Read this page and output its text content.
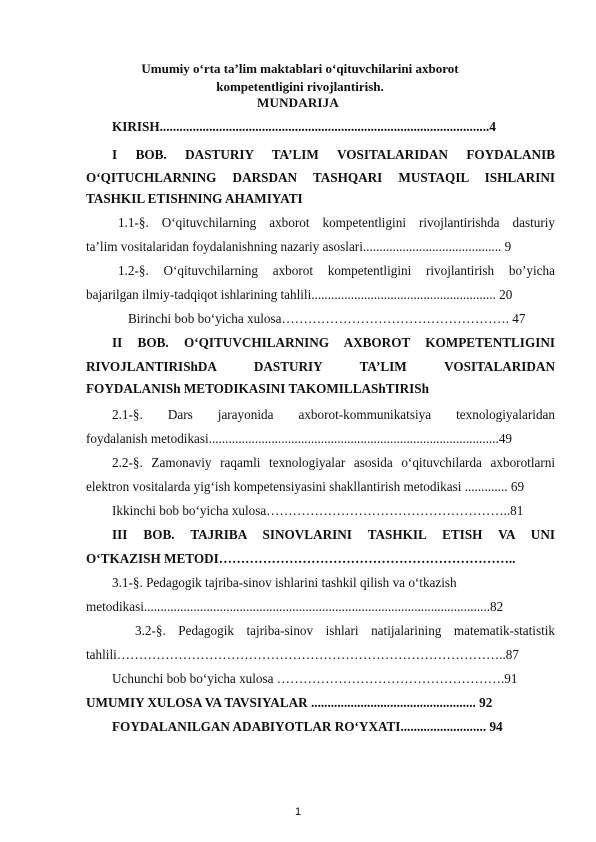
Umumiy o‘rta ta’lim maktablari o‘qituvchilarini axborot
kompetentligini rivojlantirish.
MUNDARIJA
KIRISH....................................................................................................4
I BOB. DASTURIY TA’LIM VOSITALARIDAN FOYDALANIB
O‘QITUCHLARNING DARSDAN TASHQARI MUSTAQIL ISHLARINI
TASHKIL ETISHNING AHAMIYATI
1.1-§. O‘qituvchilarning axborot kompetentligini rivojlantirishda dasturiy
ta’lim vositalaridan foydalanishning nazariy asoslari.......................................... 9
1.2-§. O‘qituvchilarning axborot kompetentligini rivojlantirish bo’yicha
bajarilgan ilmiy-tadqiqot ishlarining tahlili........................................................ 20
Birinchi bob bo‘yicha xulosa……………………………………………. 47
II BOB. O‘QITUVCHILARNING AXBOROT KOMPETENTLIGINI
RIVOJLANTIRIShDA DASTURIY TA’LIM VOSITALARIDAN
FOYDALANISh METODIKASINI TAKOMILLAShTIRISh
2.1-§. Dars jarayonida axborot-kommunikatsiya texnologiyalaridan
foydalanish metodikasi........................................................................................49
2.2-§. Zamonaviy raqamli texnologiyalar asosida o‘qituvchilarda axborotlarni
elektron vositalarda yig‘ish kompetensiyasini shakllantirish metodikasi ............. 69
Ikkinchi bob bo‘yicha xulosa………………………………………………..81
III BOB. TAJRIBA SINOVLARINI TASHKIL ETISH VA UNI
O‘TKAZISH METODI…………………………………………………………..
3.1-§. Pedagogik tajriba-sinov ishlarini tashkil qilish va o‘tkazish
metodikasi.........................................................................................................82
3.2-§. Pedagogik tajriba-sinov ishlari natijalarining matematik-statistik
tahlili……………………………………………………………………………..87
Uchunchi bob bo‘yicha xulosa …………………………………………….91
UMUMIY XULOSA VA TAVSIYALAR .................................................. 92
FOYDALANILGAN ADABIYOTLAR RO‘YXATI.......................... 94
1
